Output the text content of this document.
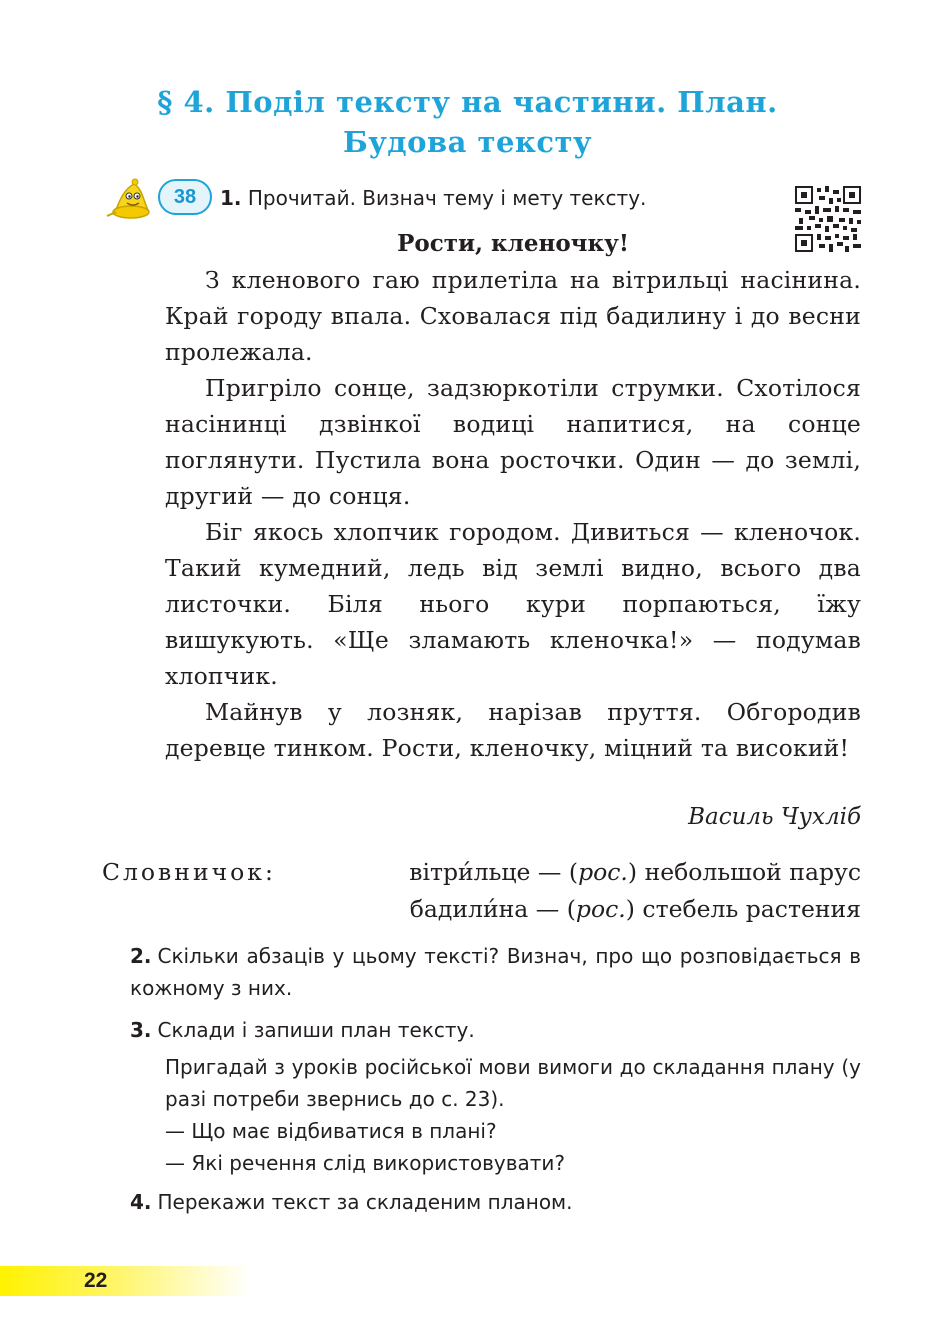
§ 4. Поділ тексту на частини. План.
Будова тексту
38	1. Прочитай. Визнач тему і мету тексту.
Рости, кленочку!

З кленового гаю прилетіла на вітрильці насінина. Край городу впала. Сховалася під бадилину і до весни пролежала.

Пригріло сонце, задзюркотіли струмки. Схотілося насінинці дзвінкої водиці напитися, на сонце поглянути. Пустила вона росточки. Один — до землі, другий — до сонця.

Біг якось хлопчик городом. Дивиться — кленочок. Такий кумедний, ледь від землі видно, всього два листочки. Біля нього кури порпаються, їжу вишукують. «Ще зламають кленочка!» — подумав хлопчик.

Майнув у лозняк, нарізав пруття. Обгородив деревце тинком. Рости, кленочку, міцний та високий!

Василь Чухліб
Словничок:	вітри́льце — (рос.) небольшой парус
бадили́на — (рос.) стебель растения
2. Скільки абзаців у цьому тексті? Визнач, про що розповідається в кожному з них.
3. Склади і запиши план тексту.
Пригадай з уроків російської мови вимоги до складання плану (у разі потреби звернись до с. 23).
— Що має відбиватися в плані?
— Які речення слід використовувати?
4. Перекажи текст за складеним планом.
22
